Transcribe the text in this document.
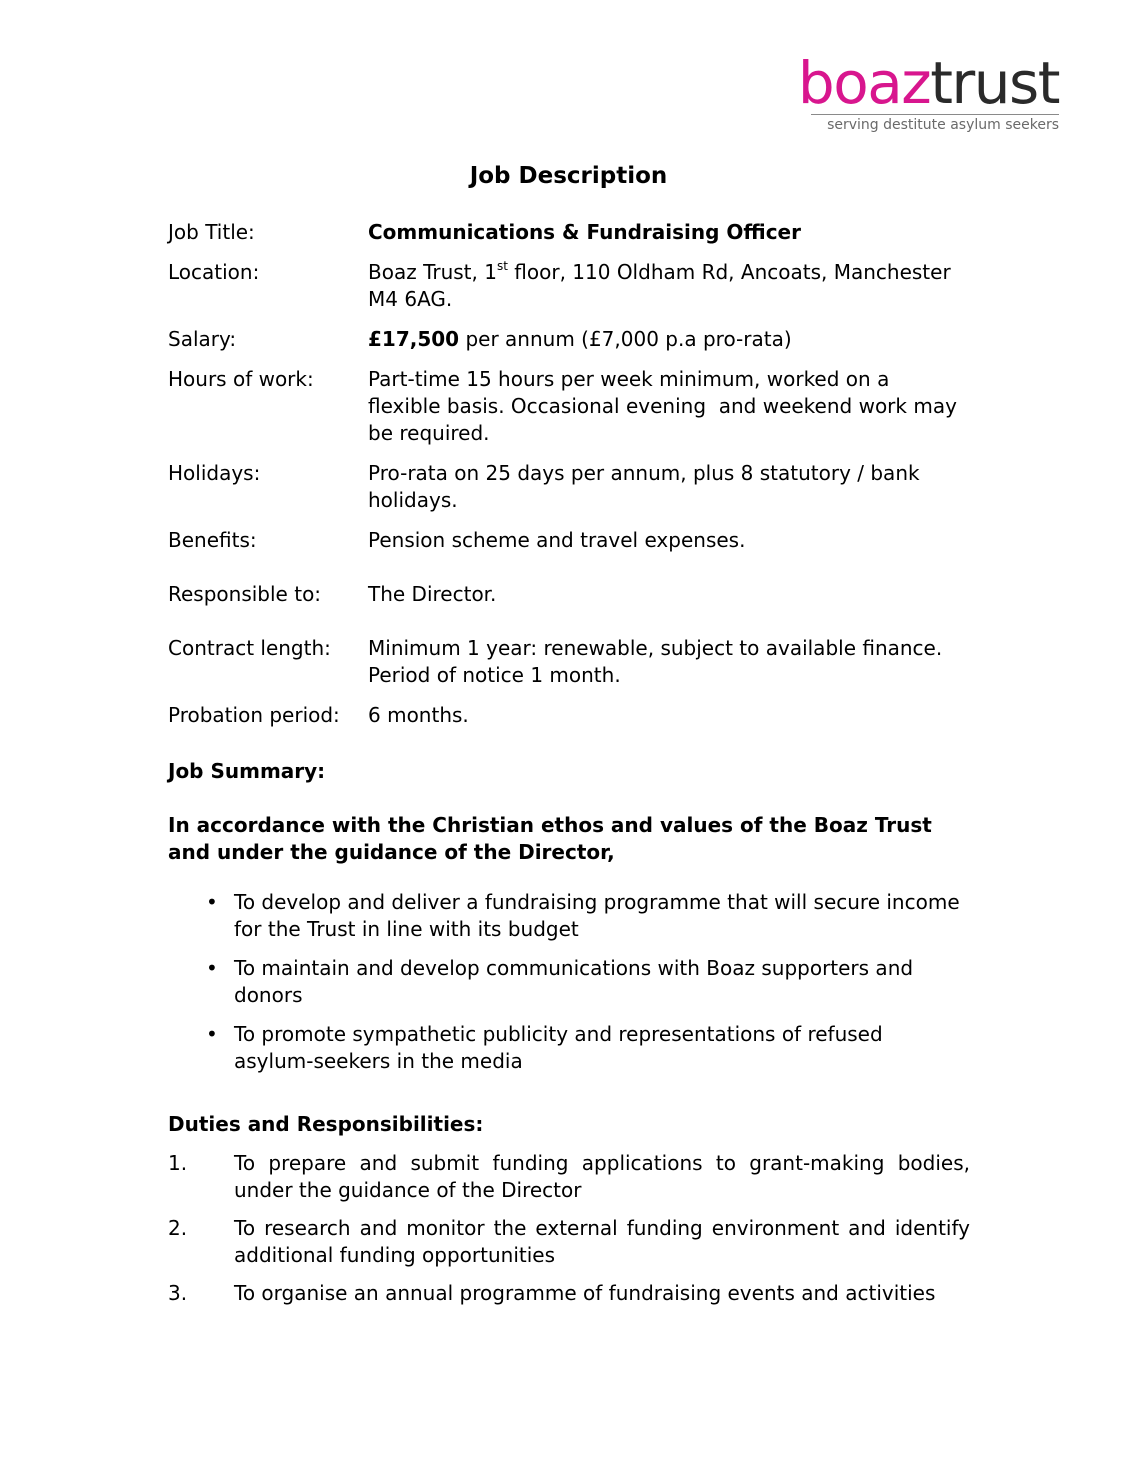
boaztrust
serving destitute asylum seekers
Job Description
Job Title:	Communications & Fundraising Officer
Location:	Boaz Trust, 1st floor, 110 Oldham Rd, Ancoats, Manchester M4 6AG.
Salary:	£17,500 per annum (£7,000 p.a pro-rata)
Hours of work:	Part-time 15 hours per week minimum, worked on a flexible basis. Occasional evening  and weekend work may be required.
Holidays:	Pro-rata on 25 days per annum, plus 8 statutory / bank holidays.
Benefits:	Pension scheme and travel expenses.
Responsible to:	The Director.
Contract length:	Minimum 1 year: renewable, subject to available finance. Period of notice 1 month.
Probation period:	6 months.
Job Summary:
In accordance with the Christian ethos and values of the Boaz Trust and under the guidance of the Director,
• To develop and deliver a fundraising programme that will secure income for the Trust in line with its budget
• To maintain and develop communications with Boaz supporters and donors
• To promote sympathetic publicity and representations of refused asylum-seekers in the media
Duties and Responsibilities:
1.	To prepare and submit funding applications to grant-making bodies, under the guidance of the Director
2.	To research and monitor the external funding environment and identify additional funding opportunities
3.	To organise an annual programme of fundraising events and activities
